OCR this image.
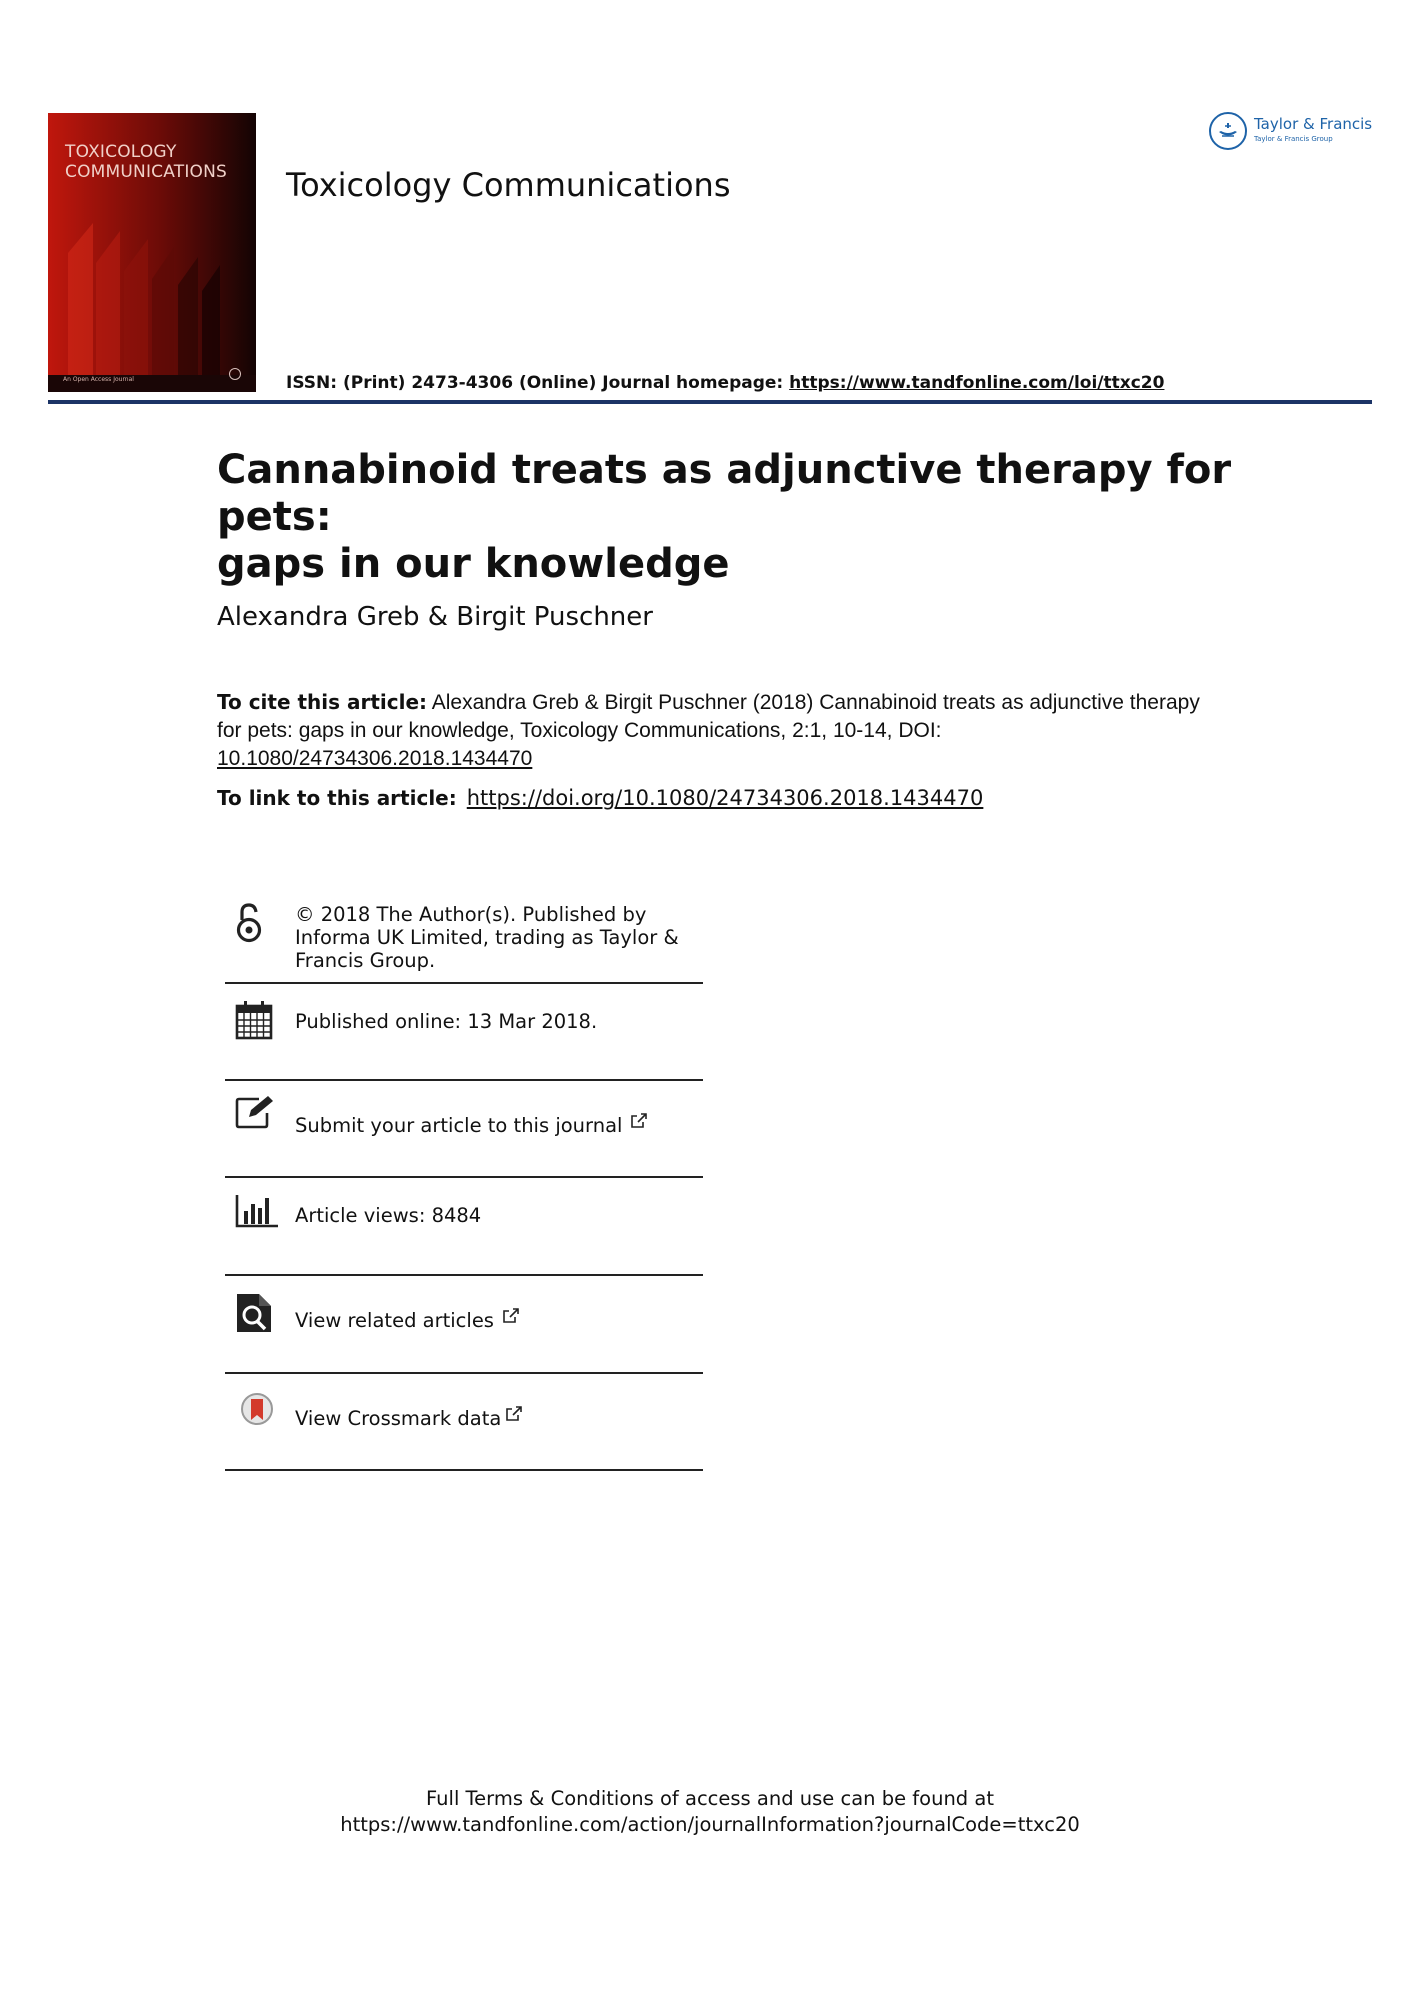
TOXICOLOGY
COMMUNICATIONS
An Open Access Journal
Toxicology Communications
Taylor & Francis
Taylor & Francis Group
ISSN: (Print) 2473-4306 (Online) Journal homepage: https://www.tandfonline.com/loi/ttxc20
Cannabinoid treats as adjunctive therapy for pets:
gaps in our knowledge
Alexandra Greb & Birgit Puschner
To cite this article: Alexandra Greb & Birgit Puschner (2018) Cannabinoid treats as adjunctive therapy for pets: gaps in our knowledge, Toxicology Communications, 2:1, 10-14, DOI: 10.1080/24734306.2018.1434470
To link to this article: https://doi.org/10.1080/24734306.2018.1434470
© 2018 The Author(s). Published by Informa UK Limited, trading as Taylor & Francis Group.
Published online: 13 Mar 2018.
Submit your article to this journal
Article views: 8484
View related articles
View Crossmark data
Full Terms & Conditions of access and use can be found at
https://www.tandfonline.com/action/journalInformation?journalCode=ttxc20
